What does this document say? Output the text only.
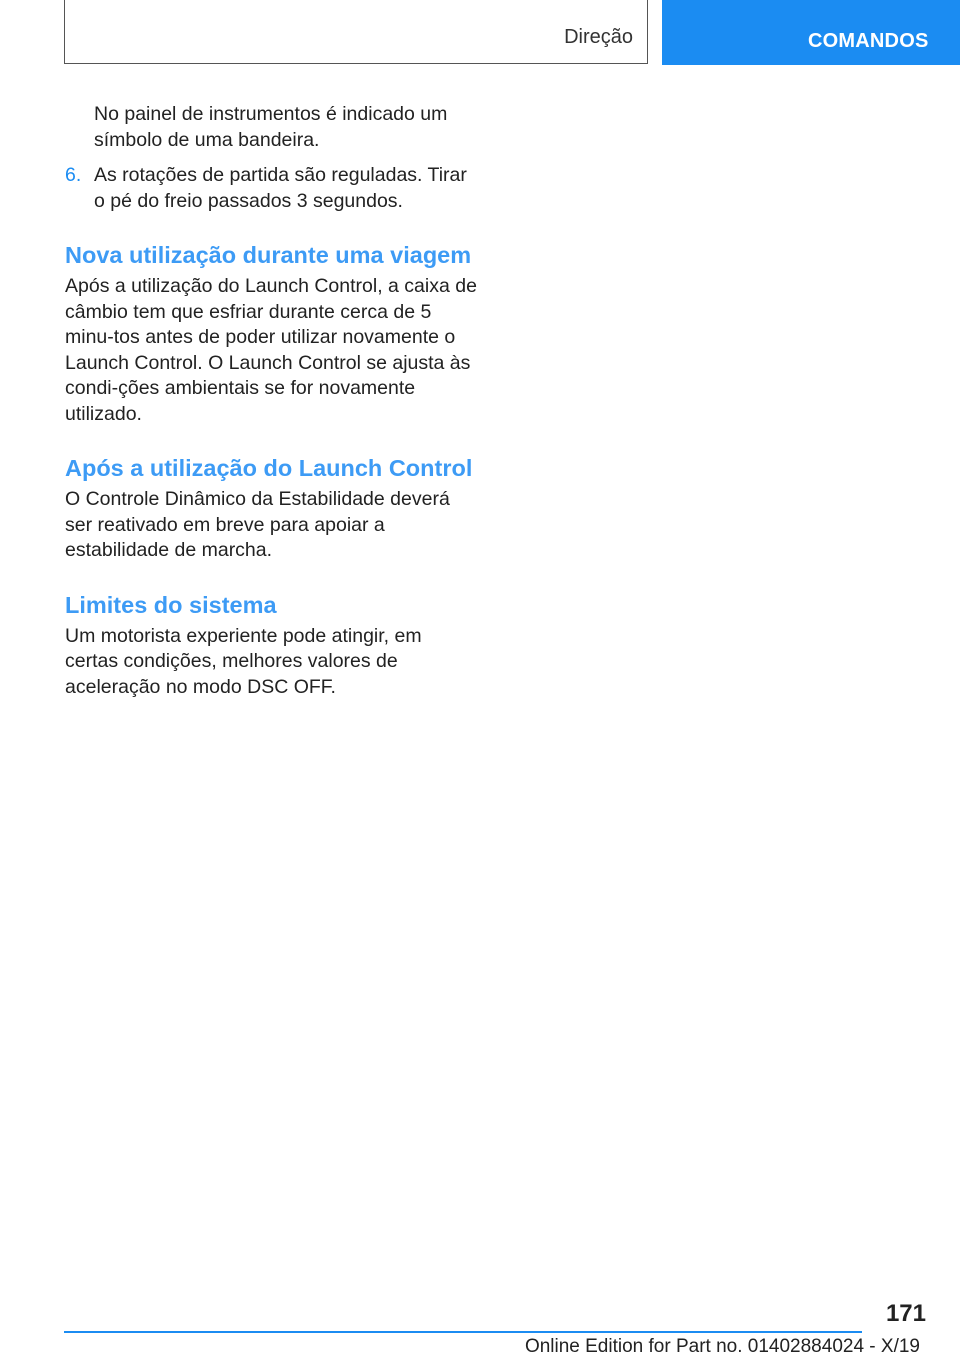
Direção	COMANDOS

No painel de instrumentos é indicado um símbolo de uma bandeira.

6. As rotações de partida são reguladas. Tirar o pé do freio passados 3 segundos.
Nova utilização durante uma viagem

Após a utilização do Launch Control, a caixa de câmbio tem que esfriar durante cerca de 5 minu-tos antes de poder utilizar novamente o Launch Control. O Launch Control se ajusta às condi-ções ambientais se for novamente utilizado.

Após a utilização do Launch Control

O Controle Dinâmico da Estabilidade deverá ser reativado em breve para apoiar a estabilidade de marcha.

Limites do sistema

Um motorista experiente pode atingir, em certas condições, melhores valores de aceleração no modo DSC OFF.

171
Online Edition for Part no. 01402884024 - X/19
